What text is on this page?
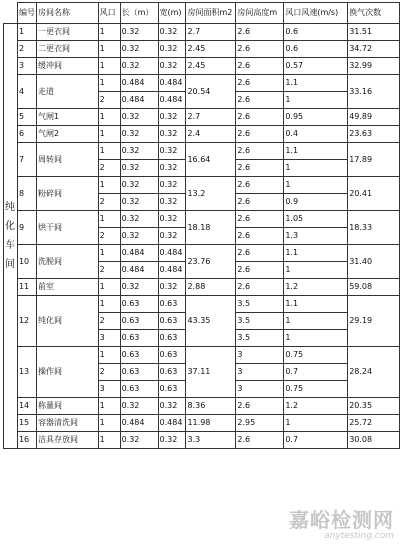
	编号	房间名称	风口	长（m）	宽(m)	房间面积m2	房间高度m	风口风速(m/s)	换气次数

纯
化
车
间	1	一更衣间	1	0.32	0.32	2.7	2.6	0.6	31.51
	2	二更衣间	1	0.32	0.32	2.45	2.6	0.6	34.72
	3	缓冲间	1	0.32	0.32	2.45	2.6	0.57	32.99
	4	走道	1	0.484	0.484	20.54	2.6	1.1	33.16
			2	0.484	0.484		2.6	1	
	5	气闸1	1	0.32	0.32	2.7	2.6	0.95	49.89
	6	气闸2	1	0.32	0.32	2.4	2.6	0.4	23.63
	7	周转间	1	0.32	0.32	16.64	2.6	1.1	17.89
			2	0.32	0.32		2.6	1	
	8	粉碎间	1	0.32	0.32	13.2	2.6	1	20.41
			2	0.32	0.32		2.6	0.9	
	9	烘干间	1	0.32	0.32	18.18	2.6	1.05	18.33
			2	0.32	0.32		2.6	1.3	
	10	洗脱间	1	0.484	0.484	23.76	2.6	1.1	31.40
			2	0.484	0.484		2.6	1	
	11	前室	1	0.32	0.32	2.88	2.6	1.2	59.08
	12	纯化间	1	0.63	0.63	43.35	3.5	1.1	29.19
			2	0.63	0.63		3.5	1	
			3	0.63	0.63		3.5	1	
	13	操作间	1	0.63	0.63	37.11	3	0.75	28.24
			2	0.63	0.63		3	0.7	
			3	0.63	0.63		3	0.75	
	14	称量间	1	0.32	0.32	8.36	2.6	1.2	20.35
	15	容器清洗间	1	0.484	0.484	11.98	2.95	1	25.72
	16	洁具存放间	1	0.32	0.32	3.3	2.6	0.7	30.08
嘉峪检测网
anytesting.com
